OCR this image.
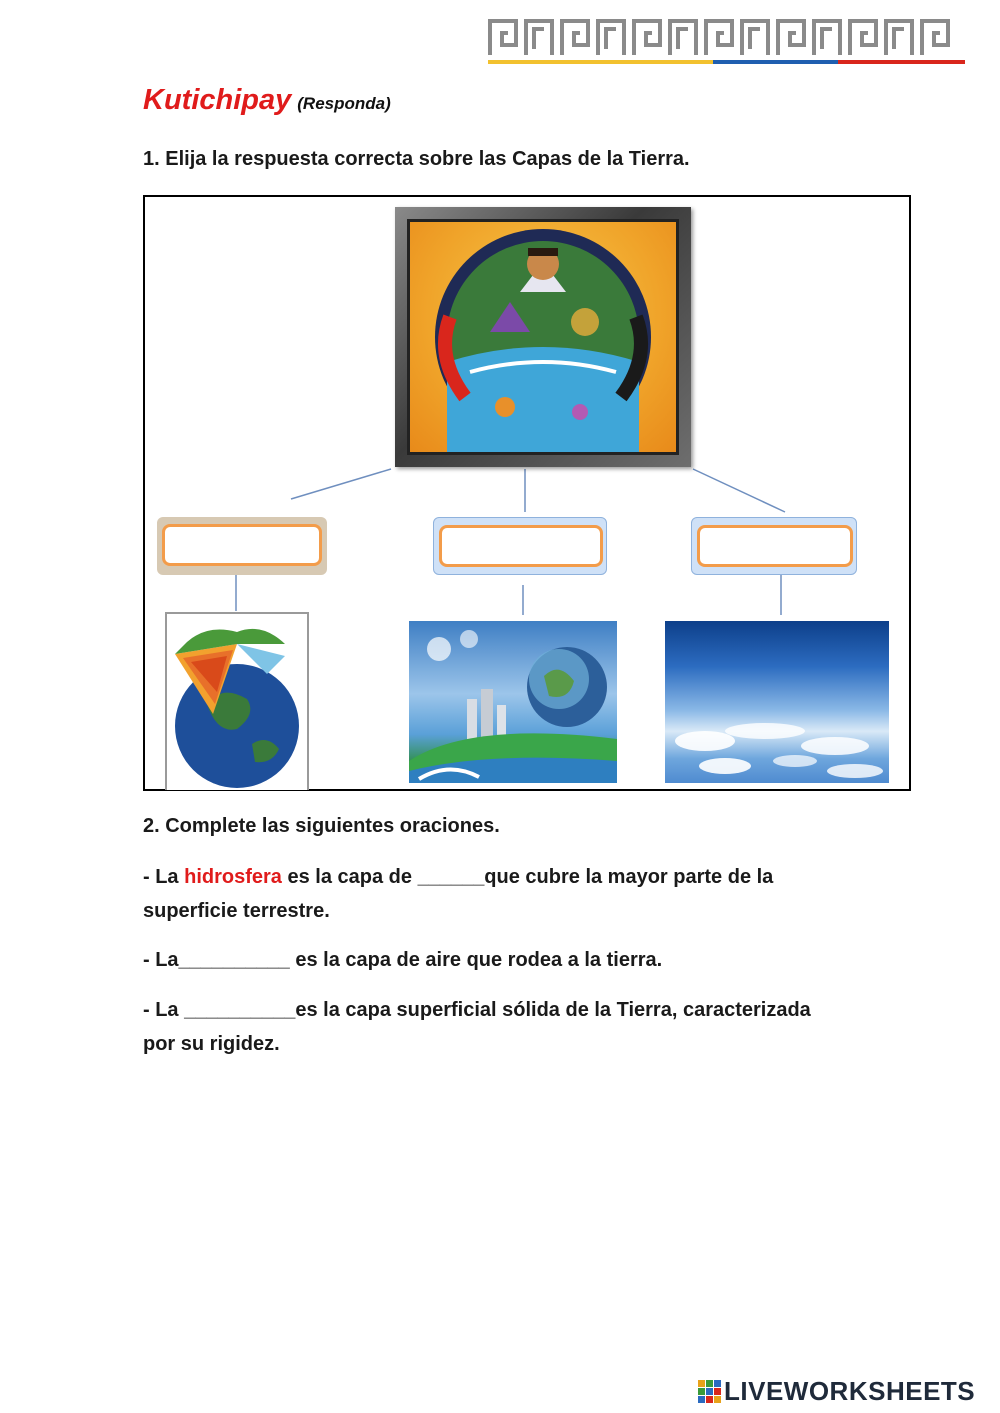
Kutichipay (Responda)
1. Elija la respuesta correcta sobre las Capas de la Tierra.
2. Complete las siguientes oraciones.
- La hidrosfera es la capa de ______que cubre la mayor parte de la
superficie terrestre.
- La__________ es la capa de aire que rodea a la tierra.
- La __________es la capa superficial sólida de la Tierra, caracterizada
por su rigidez.
LIVEWORKSHEETS
